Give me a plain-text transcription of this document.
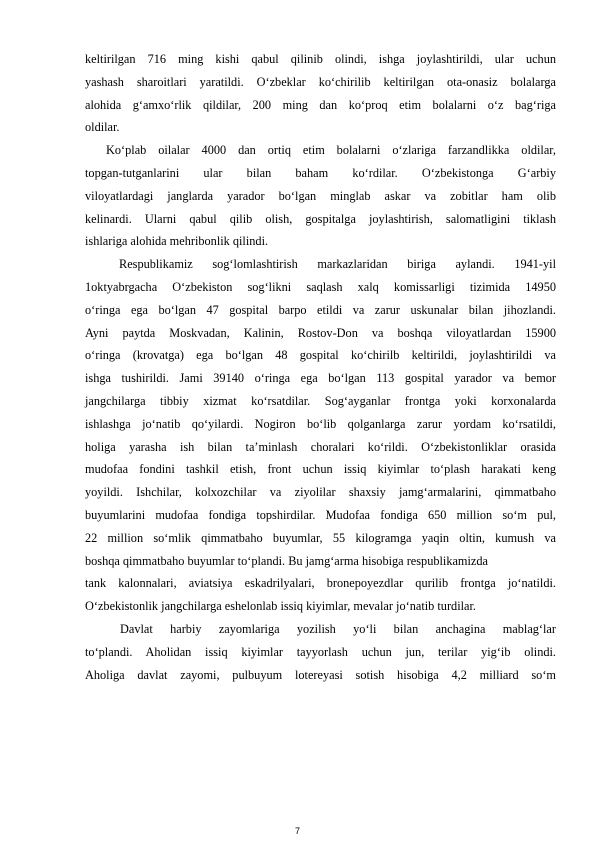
keltirilgan 716 ming kishi qabul qilinib olindi, ishga joylashtirildi, ular uchun
yashash sharoitlari yaratildi. O‘zbeklar ko‘chirilib keltirilgan ota-onasiz bolalarga
alohida g‘amxo‘rlik qildilar, 200 ming dan ko‘proq etim bolalarni o‘z bag‘riga
oldilar.
Ko‘plab oilalar 4000 dan ortiq etim bolalarni o‘zlariga farzandlikka oldilar,
topgan-tutganlarini ular bilan baham ko‘rdilar. O‘zbekistonga G‘arbiy
viloyatlardagi janglarda yarador bo‘lgan minglab askar va zobitlar ham olib
kelinardi. Ularni qabul qilib olish, gospitalga joylashtirish, salomatligini tiklash
ishlariga alohida mehribonlik qilindi.
Respublikamiz sog‘lomlashtirish markazlaridan biriga aylandi. 1941-yil
1oktyabrgacha O‘zbekiston sog‘likni saqlash xalq komissarligi tizimida 14950
o‘ringa ega bo‘lgan 47 gospital barpo etildi va zarur uskunalar bilan jihozlandi.
Ayni paytda Moskvadan, Kalinin, Rostov-Don va boshqa viloyatlardan 15900
o‘ringa (krovatga) ega bo‘lgan 48 gospital ko‘chirilb keltirildi, joylashtirildi va
ishga tushirildi. Jami 39140 o‘ringa ega bo‘lgan 113 gospital yarador va bemor
jangchilarga tibbiy xizmat ko‘rsatdilar. Sog‘ayganlar frontga yoki korxonalarda
ishlashga jo‘natib qo‘yilardi. Nogiron bo‘lib qolganlarga zarur yordam ko‘rsatildi,
holiga yarasha ish bilan ta’minlash choralari ko‘rildi. O‘zbekistonliklar orasida
mudofaa fondini tashkil etish, front uchun issiq kiyimlar to‘plash harakati keng
yoyildi. Ishchilar, kolxozchilar va ziyolilar shaxsiy jamg‘armalarini, qimmatbaho
buyumlarini mudofaa fondiga topshirdilar. Mudofaa fondiga 650 million so‘m pul,
22 million so‘mlik qimmatbaho buyumlar, 55 kilogramga yaqin oltin, kumush va
boshqa qimmatbaho buyumlar to‘plandi. Bu jamg‘arma hisobiga respublikamizda
tank kalonnalari, aviatsiya eskadrilyalari, bronepoyezdlar qurilib frontga jo‘natildi.
O‘zbekistonlik jangchilarga eshelonlab issiq kiyimlar, mevalar jo‘natib turdilar.
Davlat harbiy zayomlariga yozilish yo‘li bilan anchagina mablag‘lar
to‘plandi. Aholidan issiq kiyimlar tayyorlash uchun jun, terilar yig‘ib olindi.
Aholiga davlat zayomi, pulbuyum lotereyasi sotish hisobiga 4,2 milliard so‘m
7
